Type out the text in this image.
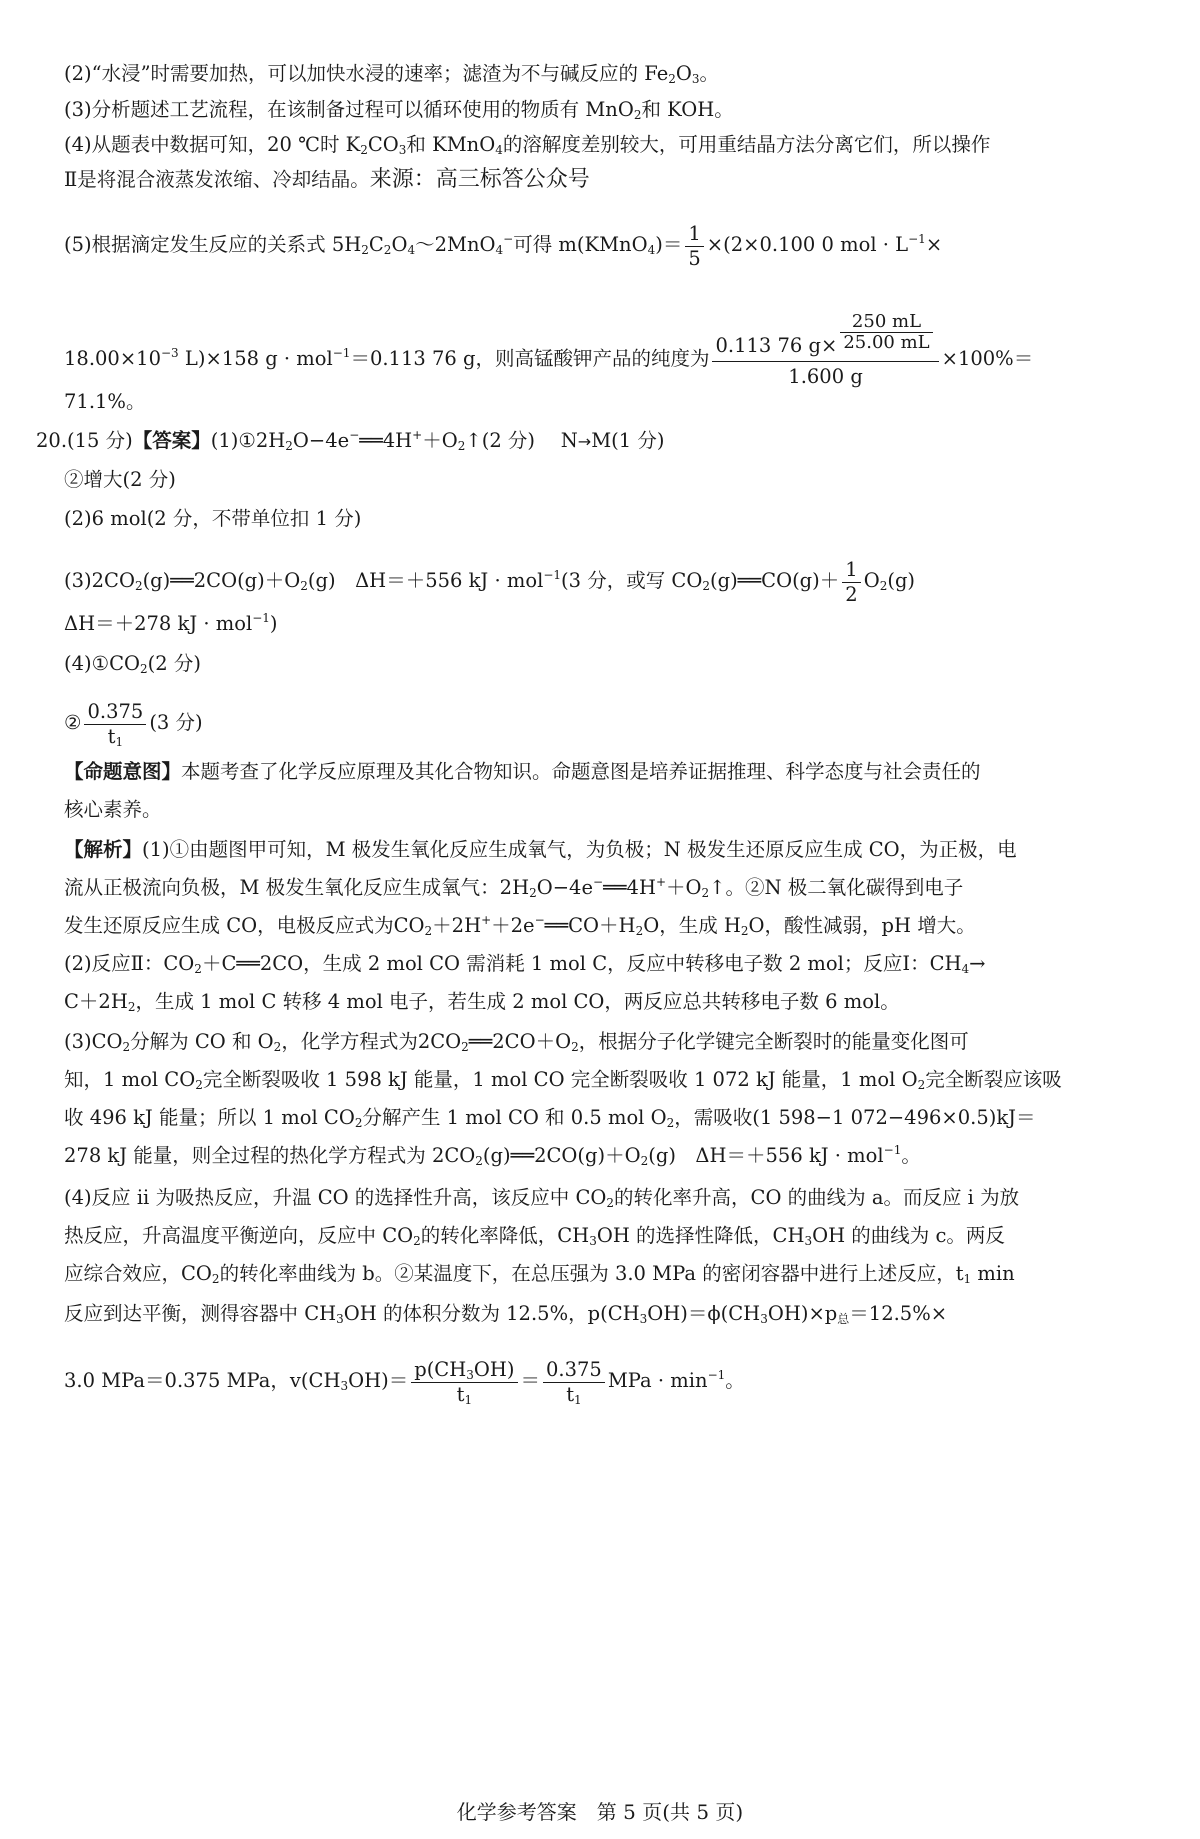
(2)“水浸”时需要加热，可以加快水浸的速率；滤渣为不与碱反应的 $Fe_2O_3$。
(3)分析题述工艺流程，在该制备过程可以循环使用的物质有 MnO$_2$和 KOH。
(4)从题表中数据可知，20 ℃时 $K_2CO_3$和 KMnO$_4$的溶解度差别较大，可用重结晶方法分离它们，所以操作
Ⅱ是将混合液蒸发浓缩、冷却结晶。来源：高三标答公众号
(5)根据滴定发生反应的关系式 $5H_2C_2O_4\sim 2MnO_4^-$可得 m(KMnO$_4$)＝ $\frac{1}{5} \times(2\times 0.100$ 0 mol · $L^{-1}\times$
$18.00\times 10^{-3}$ L)×158 g · mol$^{-1}$＝0.113 76 g，则高锰酸钾产品的纯度为 $\frac{0.113 76 g\times \frac{250 mL}{25.00 mL}}{1.600 g} \times 100\%=$
71.1%。
20.(15 分)【答案】$(1)①2H_2O-4e^-══4H^++O_2↑(2$ 分)　 N→M(1 分)
②增大(2 分)
(2)6 mol(2 分，不带单位扣 1 分)
$(3)2CO_2(g)══2CO(g)+O_2(g)$　ΔH＝＋556 kJ · mol$^{-1}$(3 分，或写 $CO_2(g)══CO(g)+ \frac{1}{2} O_2(g)$
ΔH＝＋278 kJ · mol$^{-1}$)
$(4)①CO_2(2$ 分)
② $\frac{0.375}{t_1} (3$ 分)
【命题意图】本题考查了化学反应原理及其化合物知识。命题意图是培养证据推理、科学态度与社会责任的
核心素养。
【解析】(1)①由题图甲可知，M 极发生氧化反应生成氧气，为负极；N 极发生还原反应生成 CO，为正极，电
流从正极流向负极，M 极发生氧化反应生成氧气：$2H_2O-4e^-══4H^++O_2↑$。②N 极二氧化碳得到电子
发生还原反应生成 CO，电极反应式为$CO_2+2H^++2e^-══CO+H_2O$，生成 $H_2O$，酸性减弱，pH 增大。
(2)反应Ⅱ：$CO_2+C══2CO$，生成 2 mol CO 需消耗 1 mol C，反应中转移电子数 2 mol；反应Ⅰ：$CH_4\to$
$C+2H_2$，生成 1 mol C 转移 4 mol 电子，若生成 2 mol CO，两反应总共转移电子数 6 mol。
$(3)CO_2$分解为 CO 和 $O_2$，化学方程式为$2CO_2══2CO+O_2$，根据分子化学键完全断裂时的能量变化图可
知，1 mol $CO_2$完全断裂吸收 1 598 kJ 能量，1 mol CO 完全断裂吸收 1 072 kJ 能量，1 mol $O_2$完全断裂应该吸
收 496 kJ 能量；所以 1 mol $CO_2$分解产生 1 mol CO 和 0.5 mol $O_2$，需吸收(1 598−1 072−496×0.5)kJ＝
278 kJ 能量，则全过程的热化学方程式为 $2CO_2(g)══2CO(g)+O_2(g)$　ΔH＝＋556 kJ · mol$^{-1}$。
(4)反应 ii 为吸热反应，升温 CO 的选择性升高，该反应中 $CO_2$的转化率升高，CO 的曲线为 a。而反应 i 为放
热反应，升高温度平衡逆向，反应中 $CO_2$的转化率降低，$CH_3OH$ 的选择性降低，$CH_3OH$ 的曲线为 c。两反
应综合效应，$CO_2$的转化率曲线为 b。②某温度下，在总压强为 3.0 MPa 的密闭容器中进行上述反应，$t_1$ min
反应到达平衡，测得容器中 $CH_3OH$ 的体积分数为 12.5%，$p(CH_3OH)=\phi(CH_3OH)\times p_总=12.5\%\times$
3.0 MPa＝0.375 MPa，$v(CH_3OH)= \frac{p(CH_3OH)}{t_1} = \frac{0.375}{t_1}$ MPa · $\min^{-1}$。
化学参考答案　第 5 页(共 5 页)
